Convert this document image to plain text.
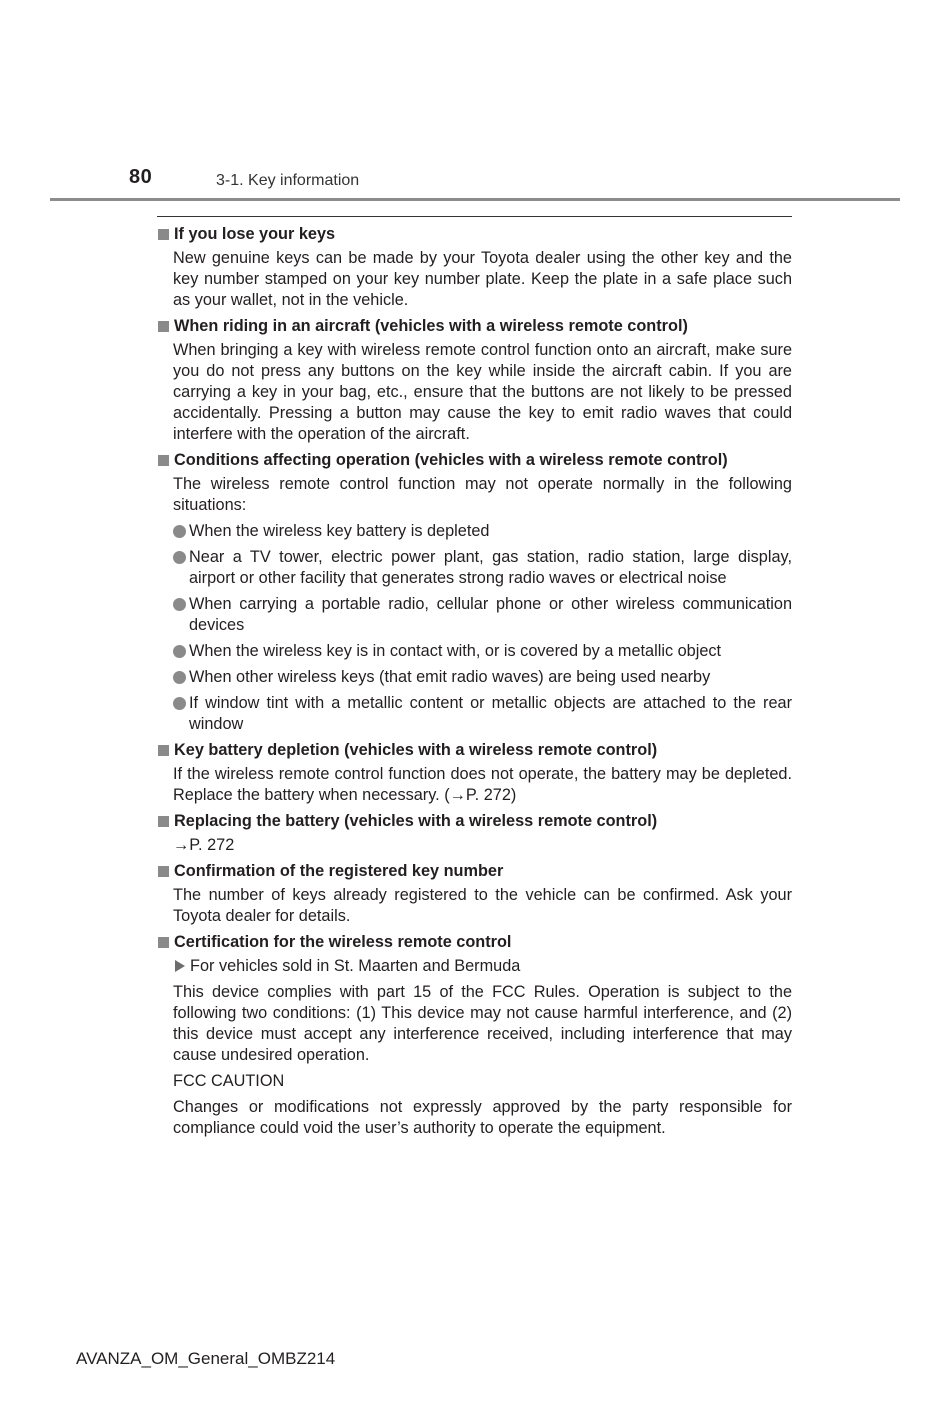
80	3-1. Key information
If you lose your keys

New genuine keys can be made by your Toyota dealer using the other key and the key number stamped on your key number plate. Keep the plate in a safe place such as your wallet, not in the vehicle.

When riding in an aircraft (vehicles with a wireless remote control)

When bringing a key with wireless remote control function onto an aircraft, make sure you do not press any buttons on the key while inside the aircraft cabin. If you are carrying a key in your bag, etc., ensure that the buttons are not likely to be pressed accidentally. Pressing a button may cause the key to emit radio waves that could interfere with the operation of the aircraft.

Conditions affecting operation (vehicles with a wireless remote control)

The wireless remote control function may not operate normally in the following situations:

When the wireless key battery is depleted
Near a TV tower, electric power plant, gas station, radio station, large display, airport or other facility that generates strong radio waves or electrical noise
When carrying a portable radio, cellular phone or other wireless communication devices
When the wireless key is in contact with, or is covered by a metallic object
When other wireless keys (that emit radio waves) are being used nearby
If window tint with a metallic content or metallic objects are attached to the rear window
Key battery depletion (vehicles with a wireless remote control)

If the wireless remote control function does not operate, the battery may be depleted. Replace the battery when necessary. (→P. 272)

Replacing the battery (vehicles with a wireless remote control)

→P. 272

Confirmation of the registered key number

The number of keys already registered to the vehicle can be confirmed. Ask your Toyota dealer for details.

Certification for the wireless remote control
For vehicles sold in St. Maarten and Bermuda

This device complies with part 15 of the FCC Rules. Operation is subject to the following two conditions: (1) This device may not cause harmful interference, and (2) this device must accept any interference received, including interference that may cause undesired operation.

FCC CAUTION

Changes or modifications not expressly approved by the party responsible for compliance could void the user’s authority to operate the equipment.

AVANZA_OM_General_OMBZ214
